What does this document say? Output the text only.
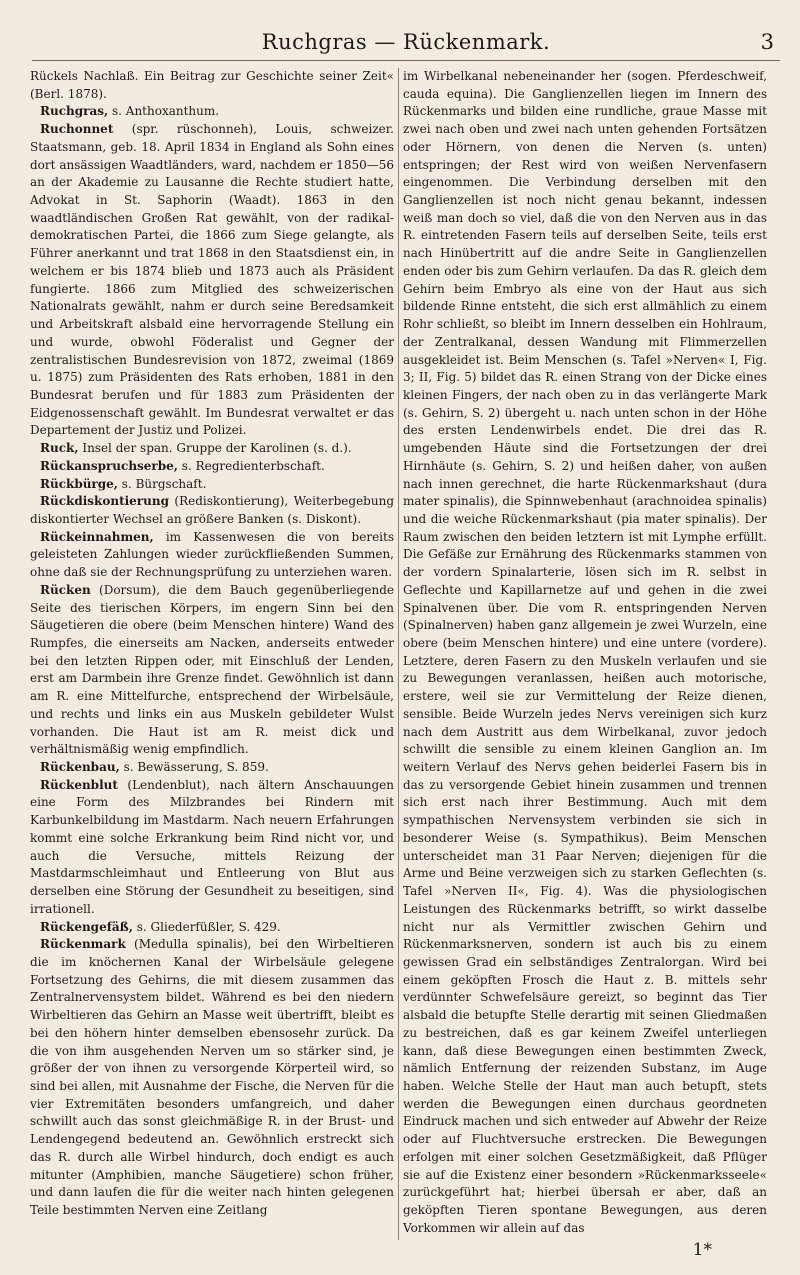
Ruchgras — Rückenmark.	3

Rückels Nachlaß. Ein Beitrag zur Geschichte seiner Zeit« (Berl. 1878).

Ruchgras, s. Anthoxanthum.

Ruchonnet (spr. rüschonneh), Louis, schweizer. Staatsmann, geb. 18. April 1834 in England als Sohn eines dort ansässigen Waadtländers, ward, nachdem er 1850—56 an der Akademie zu Lausanne die Rechte studiert hatte, Advokat in St. Saphorin (Waadt). 1863 in den waadtländischen Großen Rat gewählt, von der radikal-demokratischen Partei, die 1866 zum Siege gelangte, als Führer anerkannt und trat 1868 in den Staatsdienst ein, in welchem er bis 1874 blieb und 1873 auch als Präsident fungierte. 1866 zum Mitglied des schweizerischen Nationalrats gewählt, nahm er durch seine Beredsamkeit und Arbeitskraft alsbald eine hervorragende Stellung ein und wurde, obwohl Föderalist und Gegner der zentralistischen Bundesrevision von 1872, zweimal (1869 u. 1875) zum Präsidenten des Rats erhoben, 1881 in den Bundesrat berufen und für 1883 zum Präsidenten der Eidgenossenschaft gewählt. Im Bundesrat verwaltet er das Departement der Justiz und Polizei.

Ruck, Insel der span. Gruppe der Karolinen (s. d.).

Rückanspruchserbe, s. Regredienterbschaft.

Rückbürge, s. Bürgschaft.

Rückdiskontierung (Rediskontierung), Weiterbegebung diskontierter Wechsel an größere Banken (s. Diskont).

Rückeinnahmen, im Kassenwesen die von bereits geleisteten Zahlungen wieder zurückfließenden Summen, ohne daß sie der Rechnungsprüfung zu unterziehen waren.

Rücken (Dorsum), die dem Bauch gegenüberliegende Seite des tierischen Körpers, im engern Sinn bei den Säugetieren die obere (beim Menschen hintere) Wand des Rumpfes, die einerseits am Nacken, anderseits entweder bei den letzten Rippen oder, mit Einschluß der Lenden, erst am Darmbein ihre Grenze findet. Gewöhnlich ist dann am R. eine Mittelfurche, entsprechend der Wirbelsäule, und rechts und links ein aus Muskeln gebildeter Wulst vorhanden. Die Haut ist am R. meist dick und verhältnismäßig wenig empfindlich.

Rückenbau, s. Bewässerung, S. 859.

Rückenblut (Lendenblut), nach ältern Anschauungen eine Form des Milzbrandes bei Rindern mit Karbunkelbildung im Mastdarm. Nach neuern Erfahrungen kommt eine solche Erkrankung beim Rind nicht vor, und auch die Versuche, mittels Reizung der Mastdarmschleimhaut und Entleerung von Blut aus derselben eine Störung der Gesundheit zu beseitigen, sind irrationell.

Rückengefäß, s. Gliederfüßler, S. 429.

Rückenmark (Medulla spinalis), bei den Wirbeltieren die im knöchernen Kanal der Wirbelsäule gelegene Fortsetzung des Gehirns, die mit diesem zusammen das Zentralnervensystem bildet. Während es bei den niedern Wirbeltieren das Gehirn an Masse weit übertrifft, bleibt es bei den höhern hinter demselben ebensosehr zurück. Da die von ihm ausgehenden Nerven um so stärker sind, je größer der von ihnen zu versorgende Körperteil wird, so sind bei allen, mit Ausnahme der Fische, die Nerven für die vier Extremitäten besonders umfangreich, und daher schwillt auch das sonst gleichmäßige R. in der Brust- und Lendengegend bedeutend an. Gewöhnlich erstreckt sich das R. durch alle Wirbel hindurch, doch endigt es auch mitunter (Amphibien, manche Säugetiere) schon früher, und dann laufen die für die weiter nach hinten gelegenen Teile bestimmten Nerven eine Zeitlang

im Wirbelkanal nebeneinander her (sogen. Pferdeschweif, cauda equina). Die Ganglienzellen liegen im Innern des Rückenmarks und bilden eine rundliche, graue Masse mit zwei nach oben und zwei nach unten gehenden Fortsätzen oder Hörnern, von denen die Nerven (s. unten) entspringen; der Rest wird von weißen Nervenfasern eingenommen. Die Verbindung derselben mit den Ganglienzellen ist noch nicht genau bekannt, indessen weiß man doch so viel, daß die von den Nerven aus in das R. eintretenden Fasern teils auf derselben Seite, teils erst nach Hinübertritt auf die andre Seite in Ganglienzellen enden oder bis zum Gehirn verlaufen. Da das R. gleich dem Gehirn beim Embryo als eine von der Haut aus sich bildende Rinne entsteht, die sich erst allmählich zu einem Rohr schließt, so bleibt im Innern desselben ein Hohlraum, der Zentralkanal, dessen Wandung mit Flimmerzellen ausgekleidet ist. Beim Menschen (s. Tafel »Nerven« I, Fig. 3; II, Fig. 5) bildet das R. einen Strang von der Dicke eines kleinen Fingers, der nach oben zu in das verlängerte Mark (s. Gehirn, S. 2) übergeht u. nach unten schon in der Höhe des ersten Lendenwirbels endet. Die drei das R. umgebenden Häute sind die Fortsetzungen der drei Hirnhäute (s. Gehirn, S. 2) und heißen daher, von außen nach innen gerechnet, die harte Rückenmarkshaut (dura mater spinalis), die Spinnwebenhaut (arachnoidea spinalis) und die weiche Rückenmarkshaut (pia mater spinalis). Der Raum zwischen den beiden letztern ist mit Lymphe erfüllt. Die Gefäße zur Ernährung des Rückenmarks stammen von der vordern Spinalarterie, lösen sich im R. selbst in Geflechte und Kapillarnetze auf und gehen in die zwei Spinalvenen über. Die vom R. entspringenden Nerven (Spinalnerven) haben ganz allgemein je zwei Wurzeln, eine obere (beim Menschen hintere) und eine untere (vordere). Letztere, deren Fasern zu den Muskeln verlaufen und sie zu Bewegungen veranlassen, heißen auch motorische, erstere, weil sie zur Vermittelung der Reize dienen, sensible. Beide Wurzeln jedes Nervs vereinigen sich kurz nach dem Austritt aus dem Wirbelkanal, zuvor jedoch schwillt die sensible zu einem kleinen Ganglion an. Im weitern Verlauf des Nervs gehen beiderlei Fasern bis in das zu versorgende Gebiet hinein zusammen und trennen sich erst nach ihrer Bestimmung. Auch mit dem sympathischen Nervensystem verbinden sie sich in besonderer Weise (s. Sympathikus). Beim Menschen unterscheidet man 31 Paar Nerven; diejenigen für die Arme und Beine verzweigen sich zu starken Geflechten (s. Tafel »Nerven II«, Fig. 4). Was die physiologischen Leistungen des Rückenmarks betrifft, so wirkt dasselbe nicht nur als Vermittler zwischen Gehirn und Rückenmarksnerven, sondern ist auch bis zu einem gewissen Grad ein selbständiges Zentralorgan. Wird bei einem geköpften Frosch die Haut z. B. mittels sehr verdünnter Schwefelsäure gereizt, so beginnt das Tier alsbald die betupfte Stelle derartig mit seinen Gliedmaßen zu bestreichen, daß es gar keinem Zweifel unterliegen kann, daß diese Bewegungen einen bestimmten Zweck, nämlich Entfernung der reizenden Substanz, im Auge haben. Welche Stelle der Haut man auch betupft, stets werden die Bewegungen einen durchaus geordneten Eindruck machen und sich entweder auf Abwehr der Reize oder auf Fluchtversuche erstrecken. Die Bewegungen erfolgen mit einer solchen Gesetzmäßigkeit, daß Pflüger sie auf die Existenz einer besondern »Rückenmarksseele« zurückgeführt hat; hierbei übersah er aber, daß an geköpften Tieren spontane Bewegungen, aus deren Vorkommen wir allein auf das

1*
